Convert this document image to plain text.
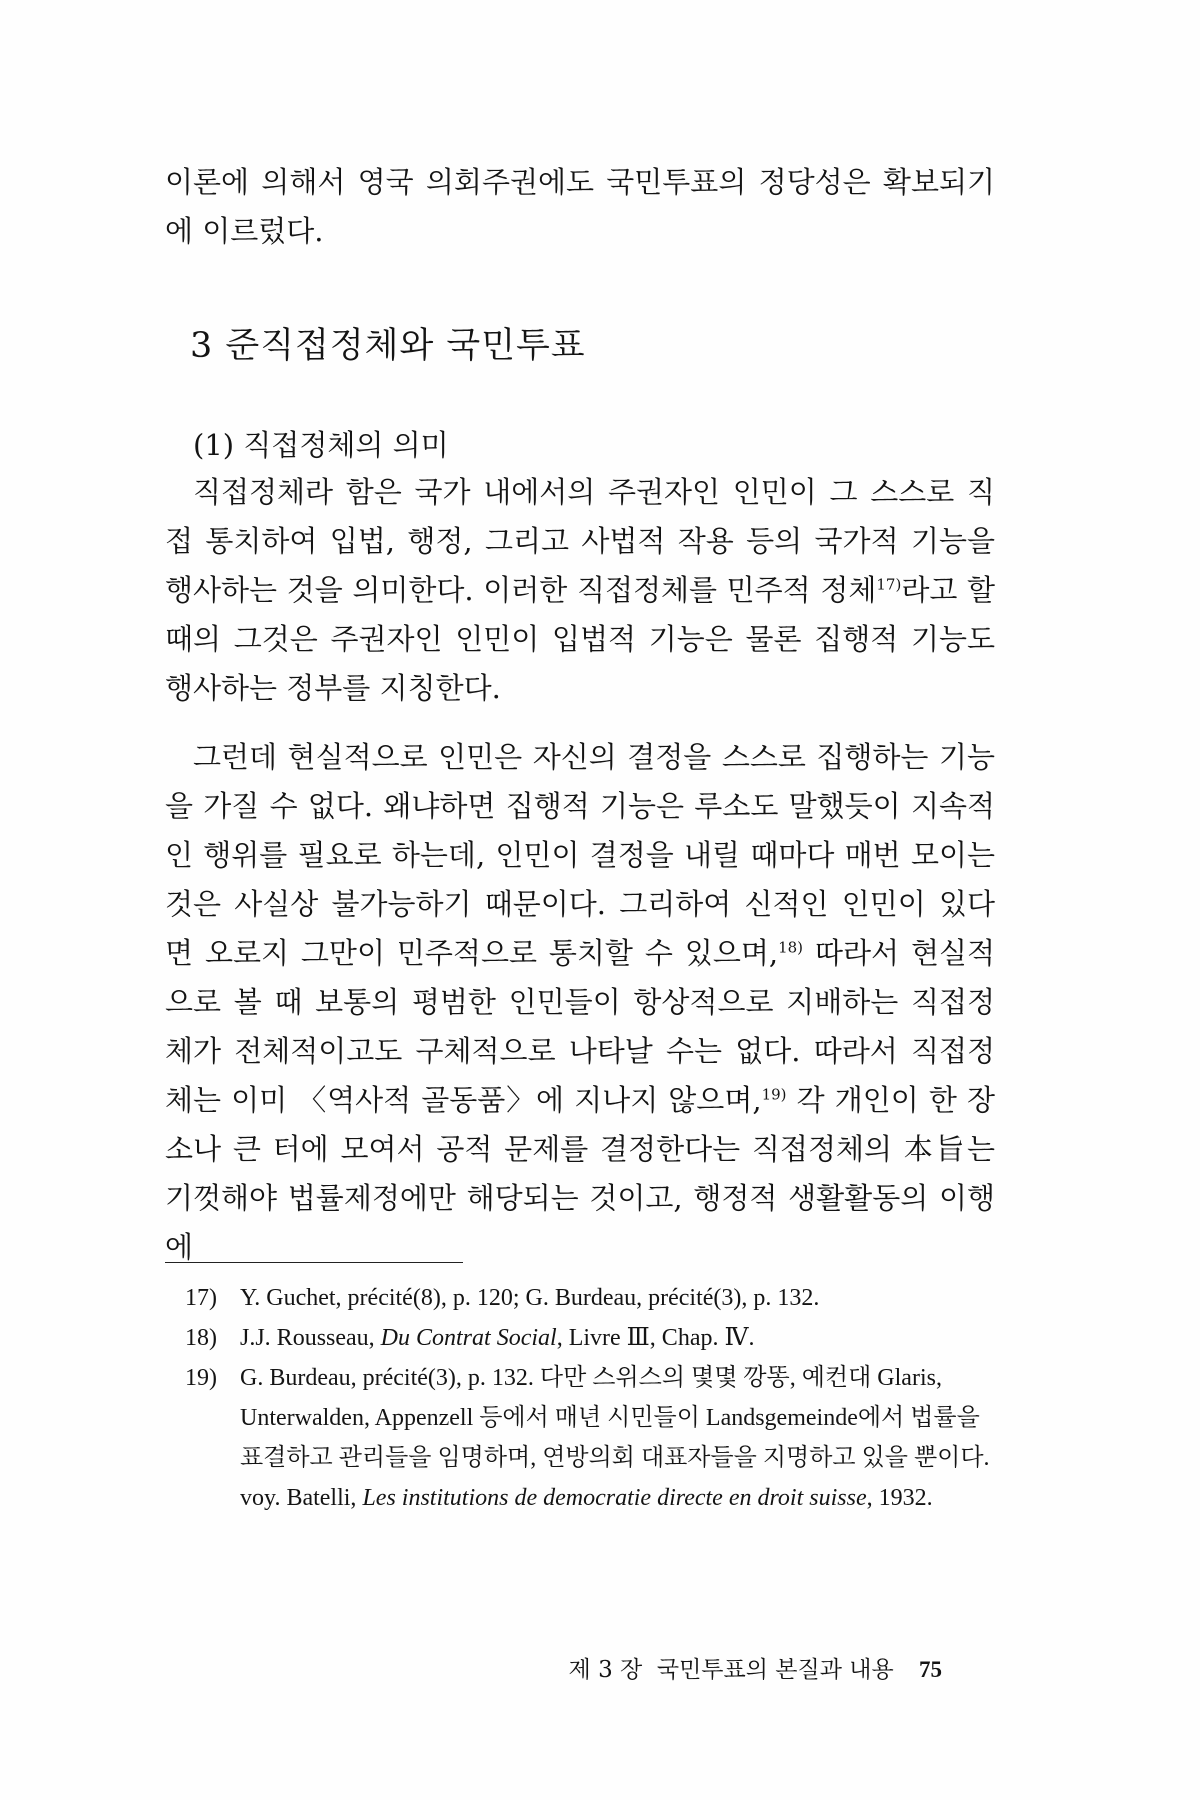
이론에 의해서 영국 의회주권에도 국민투표의 정당성은 확보되기에 이르렀다.

3 준직접정체와 국민투표
(1) 직접정체의 의미

직접정체라 함은 국가 내에서의 주권자인 인민이 그 스스로 직접 통치하여 입법, 행정, 그리고 사법적 작용 등의 국가적 기능을 행사하는 것을 의미한다. 이러한 직접정체를 민주적 정체$^{17)}$라고 할 때의 그것은 주권자인 인민이 입법적 기능은 물론 집행적 기능도 행사하는 정부를 지칭한다.

그런데 현실적으로 인민은 자신의 결정을 스스로 집행하는 기능을 가질 수 없다. 왜냐하면 집행적 기능은 루소도 말했듯이 지속적인 행위를 필요로 하는데, 인민이 결정을 내릴 때마다 매번 모이는 것은 사실상 불가능하기 때문이다. 그리하여 신적인 인민이 있다면 오로지 그만이 민주적으로 통치할 수 있으며,$^{18)}$ 따라서 현실적으로 볼 때 보통의 평범한 인민들이 항상적으로 지배하는 직접정체가 전체적이고도 구체적으로 나타날 수는 없다. 따라서 직접정체는 이미 〈역사적 골동품〉에 지나지 않으며,$^{19)}$ 각 개인이 한 장소나 큰 터에 모여서 공적 문제를 결정한다는 직접정체의 本旨는 기껏해야 법률제정에만 해당되는 것이고, 행정적 생활활동의 이행에

17) Y. Guchet, précité(8), p. 120; G. Burdeau, précité(3), p. 132.
18) J.J. Rousseau, Du Contrat Social, Livre Ⅲ, Chap. Ⅳ.
19) G. Burdeau, précité(3), p. 132. 다만 스위스의 몇몇 깡똥, 예컨대 Glaris, Unterwalden, Appenzell 등에서 매년 시민들이 Landsgemeinde에서 법률을 표결하고 관리들을 임명하며, 연방의회 대표자들을 지명하고 있을 뿐이다. voy. Batelli, Les institutions de democratie directe en droit suisse, 1932.
제 3 장 국민투표의 본질과 내용 75
